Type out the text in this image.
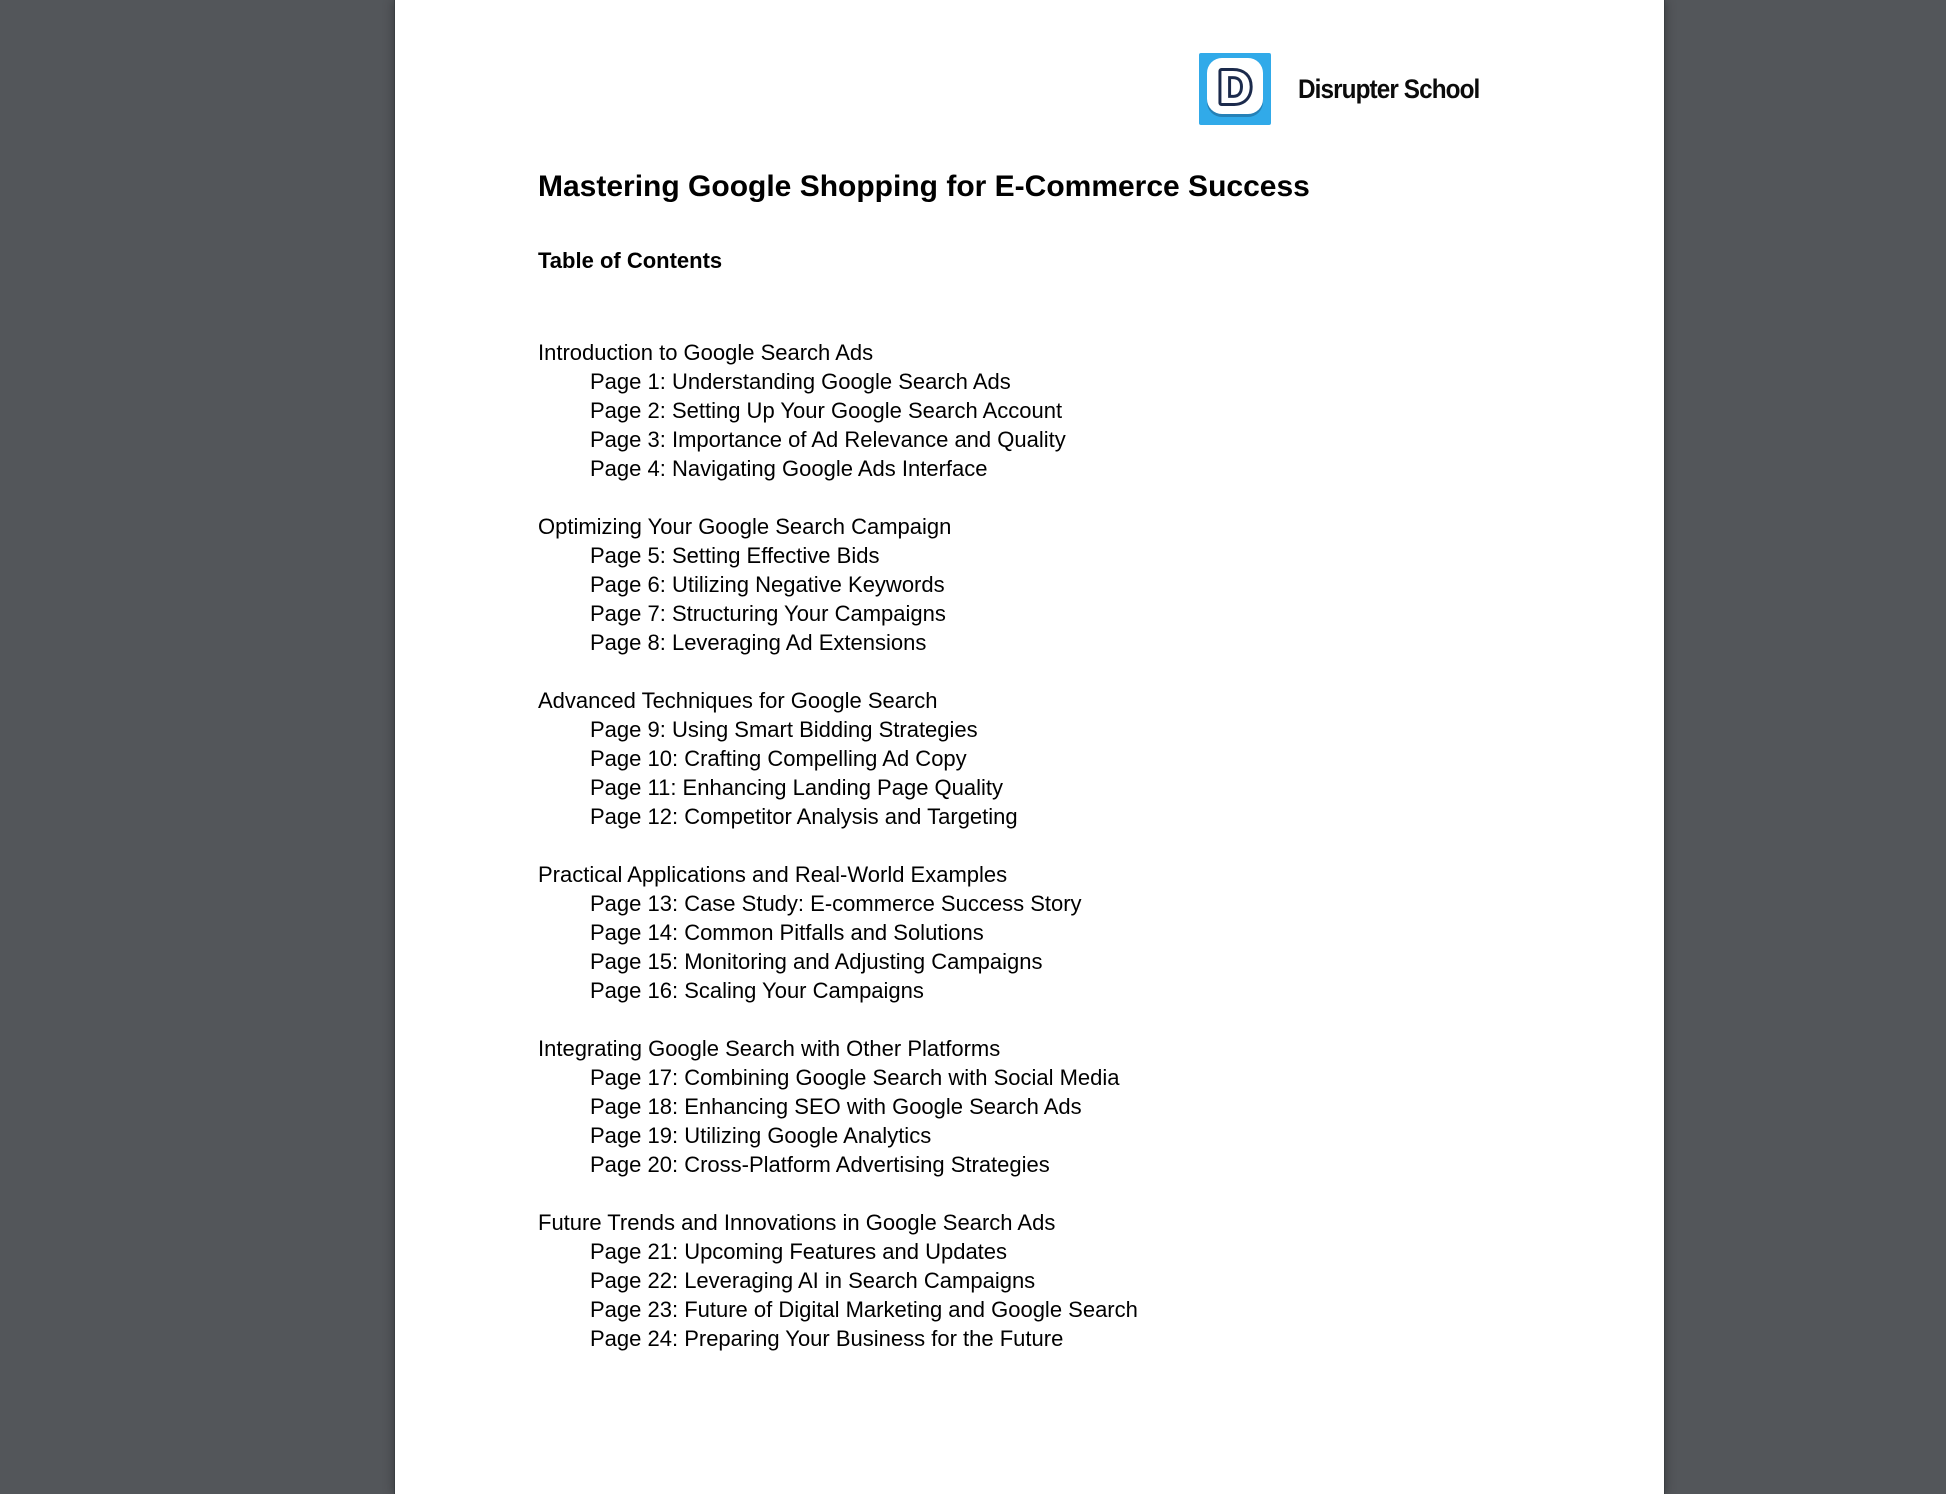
D Disrupter School
Mastering Google Shopping for E-Commerce Success
Table of Contents
Introduction to Google Search Ads
Page 1: Understanding Google Search Ads
Page 2: Setting Up Your Google Search Account
Page 3: Importance of Ad Relevance and Quality
Page 4: Navigating Google Ads Interface
Optimizing Your Google Search Campaign
Page 5: Setting Effective Bids
Page 6: Utilizing Negative Keywords
Page 7: Structuring Your Campaigns
Page 8: Leveraging Ad Extensions
Advanced Techniques for Google Search
Page 9: Using Smart Bidding Strategies
Page 10: Crafting Compelling Ad Copy
Page 11: Enhancing Landing Page Quality
Page 12: Competitor Analysis and Targeting
Practical Applications and Real-World Examples
Page 13: Case Study: E-commerce Success Story
Page 14: Common Pitfalls and Solutions
Page 15: Monitoring and Adjusting Campaigns
Page 16: Scaling Your Campaigns
Integrating Google Search with Other Platforms
Page 17: Combining Google Search with Social Media
Page 18: Enhancing SEO with Google Search Ads
Page 19: Utilizing Google Analytics
Page 20: Cross-Platform Advertising Strategies
Future Trends and Innovations in Google Search Ads
Page 21: Upcoming Features and Updates
Page 22: Leveraging AI in Search Campaigns
Page 23: Future of Digital Marketing and Google Search
Page 24: Preparing Your Business for the Future
